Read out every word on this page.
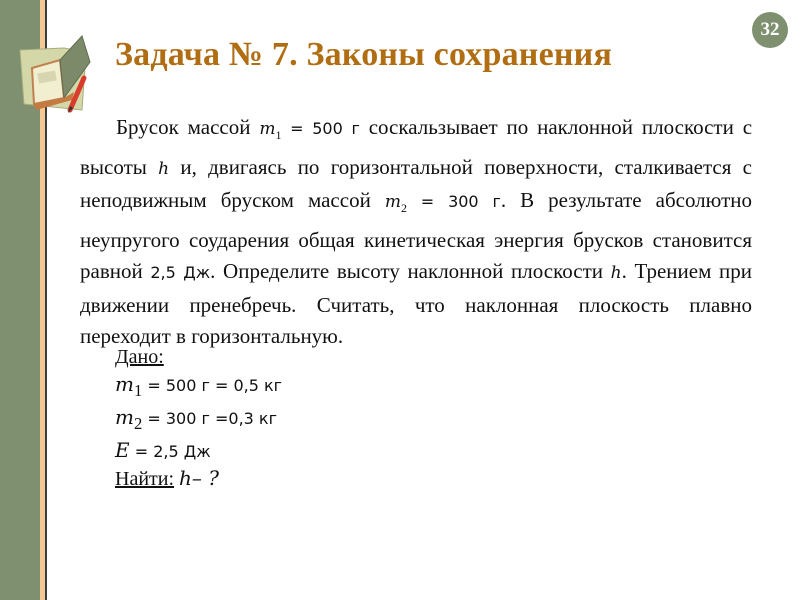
32
Задача № 7. Законы сохранения
Брусок массой $m_1 = 500$ г соскальзывает по наклонной плоскости с высоты h и, двигаясь по горизонтальной поверхности, сталкивается с неподвижным бруском массой $m_2 = 300$ г. В результате абсолютно неупругого соударения общая кинетическая энергия брусков становится равной 2,5 Дж. Определите высоту наклонной плоскости h. Трением при движении пренебречь. Считать, что наклонная плоскость плавно переходит в горизонтальную.
Дано:
$m_1 = 500$ г = 0,5 кг
$m_2 = 300$ г =0,3 кг
E = 2,5 Дж
Найти: h– ?
